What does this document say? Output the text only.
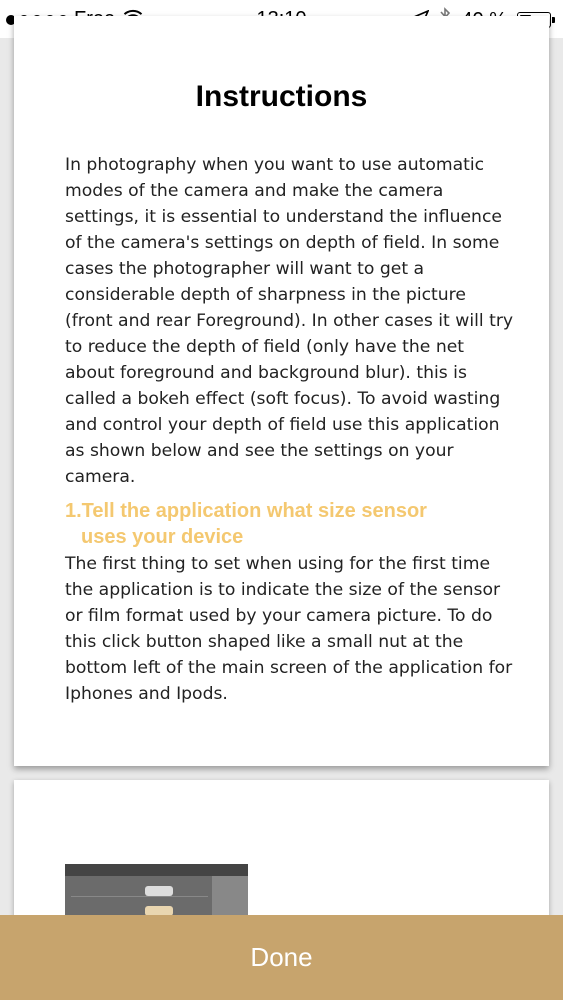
Instructions
In photography when you want to use automatic modes of the camera and make the camera settings, it is essential to understand the influence of the camera's settings on depth of field. In some cases the photographer will want to get a considerable depth of sharpness in the picture (front and rear Foreground). In other cases it will try to reduce the depth of field (only have the net about foreground and background blur). this is called a bokeh effect (soft focus). To avoid wasting and control your depth of field use this application as shown below and see the settings on your camera.
1.Tell the application what size sensor
uses your device
The first thing to set when using for the first time the application is to indicate the size of the sensor or film format used by your camera picture. To do this click button shaped like a small nut at the bottom left of the main screen of the application for Iphones and Ipods.
Done
